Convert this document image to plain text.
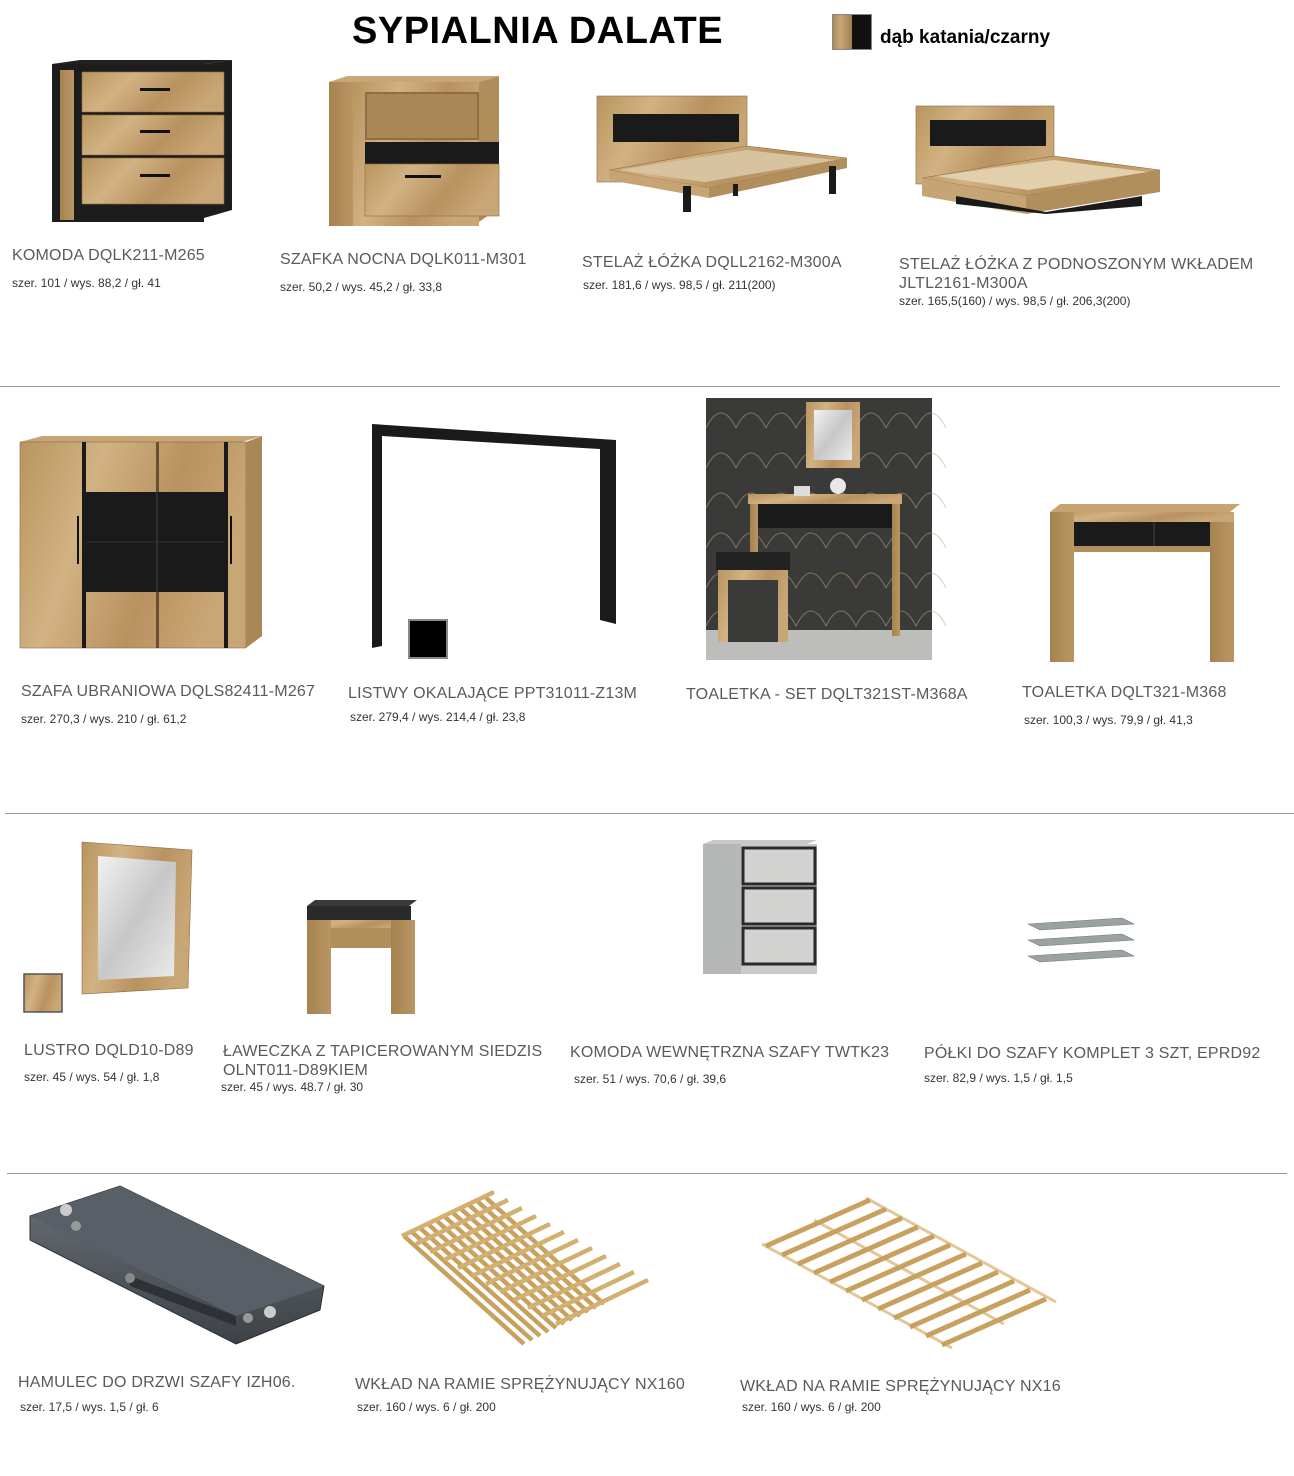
SYPIALNIA DALATE	dąb katania/czarny
KOMODA DQLK211-M265
szer. 101 / wys. 88,2 / gł. 41
SZAFKA NOCNA DQLK011-M301
szer. 50,2 / wys. 45,2 / gł. 33,8
STELAŻ ŁÓŻKA DQLL2162-M300A
szer. 181,6 / wys. 98,5 / gł. 211(200)
STELAŻ ŁÓŻKA Z PODNOSZONYM WKŁADEM
JLTL2161-M300A
szer. 165,5(160) / wys. 98,5 / gł. 206,3(200)
SZAFA UBRANIOWA DQLS82411-M267
szer. 270,3 / wys. 210 / gł. 61,2
LISTWY OKALAJĄCE PPT31011-Z13M
szer. 279,4 / wys. 214,4 / gł. 23,8
TOALETKA - SET DQLT321ST-M368A	TOALETKA DQLT321-M368
szer. 100,3 / wys. 79,9 / gł. 41,3
LUSTRO DQLD10-D89
szer. 45 / wys. 54 / gł. 1,8
ŁAWECZKA Z TAPICEROWANYM SIEDZIS
OLNT011-D89KIEM
szer. 45 / wys. 48.7 / gł. 30
KOMODA WEWNĘTRZNA SZAFY TWTK23
szer. 51 / wys. 70,6 / gł. 39,6
PÓŁKI DO SZAFY KOMPLET 3 SZT, EPRD92
szer. 82,9 / wys. 1,5 / gł. 1,5
HAMULEC DO DRZWI SZAFY IZH06.
szer. 17,5 / wys. 1,5 / gł. 6
WKŁAD NA RAMIE SPRĘŻYNUJĄCY NX160
szer. 160 / wys. 6 / gł. 200
WKŁAD NA RAMIE SPRĘŻYNUJĄCY NX16
szer. 160 / wys. 6 / gł. 200
